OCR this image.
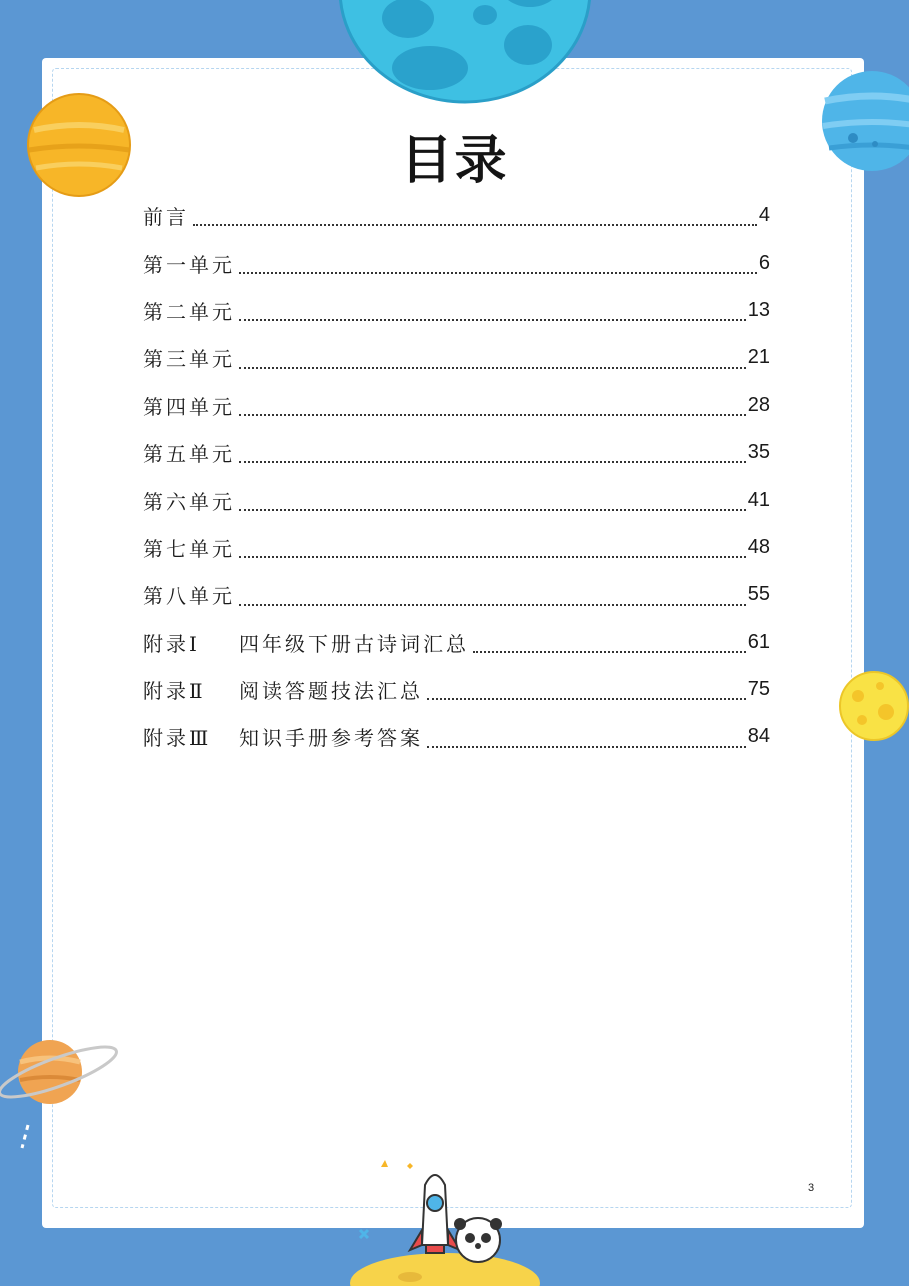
目录
前言	4
第一单元	6
第二单元	13
第三单元	21
第四单元	28
第五单元	35
第六单元	41
第七单元	48
第八单元	55
附录Ⅰ	四年级下册古诗词汇总	61
附录Ⅱ	阅读答题技法汇总	75
附录Ⅲ	知识手册参考答案	84
3
